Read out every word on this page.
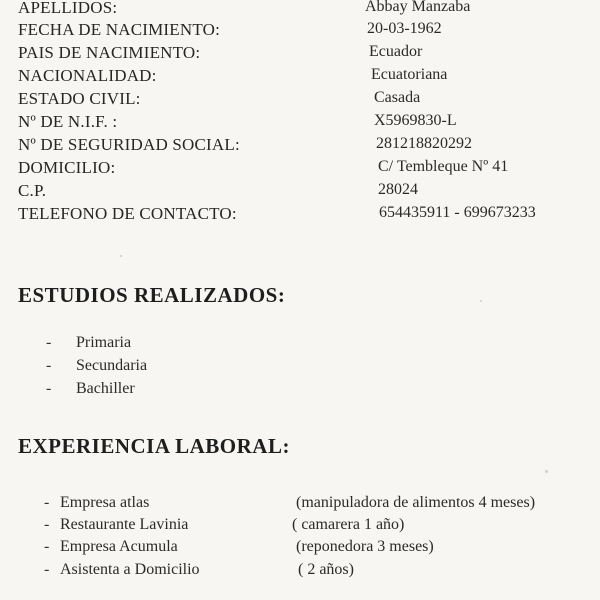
APELLIDOS:	Abbay Manzaba
FECHA DE NACIMIENTO:	20-03-1962
PAIS DE NACIMIENTO:	Ecuador
NACIONALIDAD:	Ecuatoriana
ESTADO CIVIL:	Casada
Nº DE N.I.F. :	X5969830-L
Nº DE SEGURIDAD SOCIAL:	281218820292
DOMICILIO:	C/ Tembleque Nº 41
C.P.	28024
TELEFONO DE CONTACTO:	654435911 - 699673233
ESTUDIOS REALIZADOS:
- Primaria
- Secundaria
- Bachiller
EXPERIENCIA LABORAL:
- Empresa atlas	(manipuladora de alimentos 4 meses)
- Restaurante Lavinia	( camarera 1 año)
- Empresa Acumula	(reponedora 3 meses)
- Asistenta a Domicilio	( 2 años)
